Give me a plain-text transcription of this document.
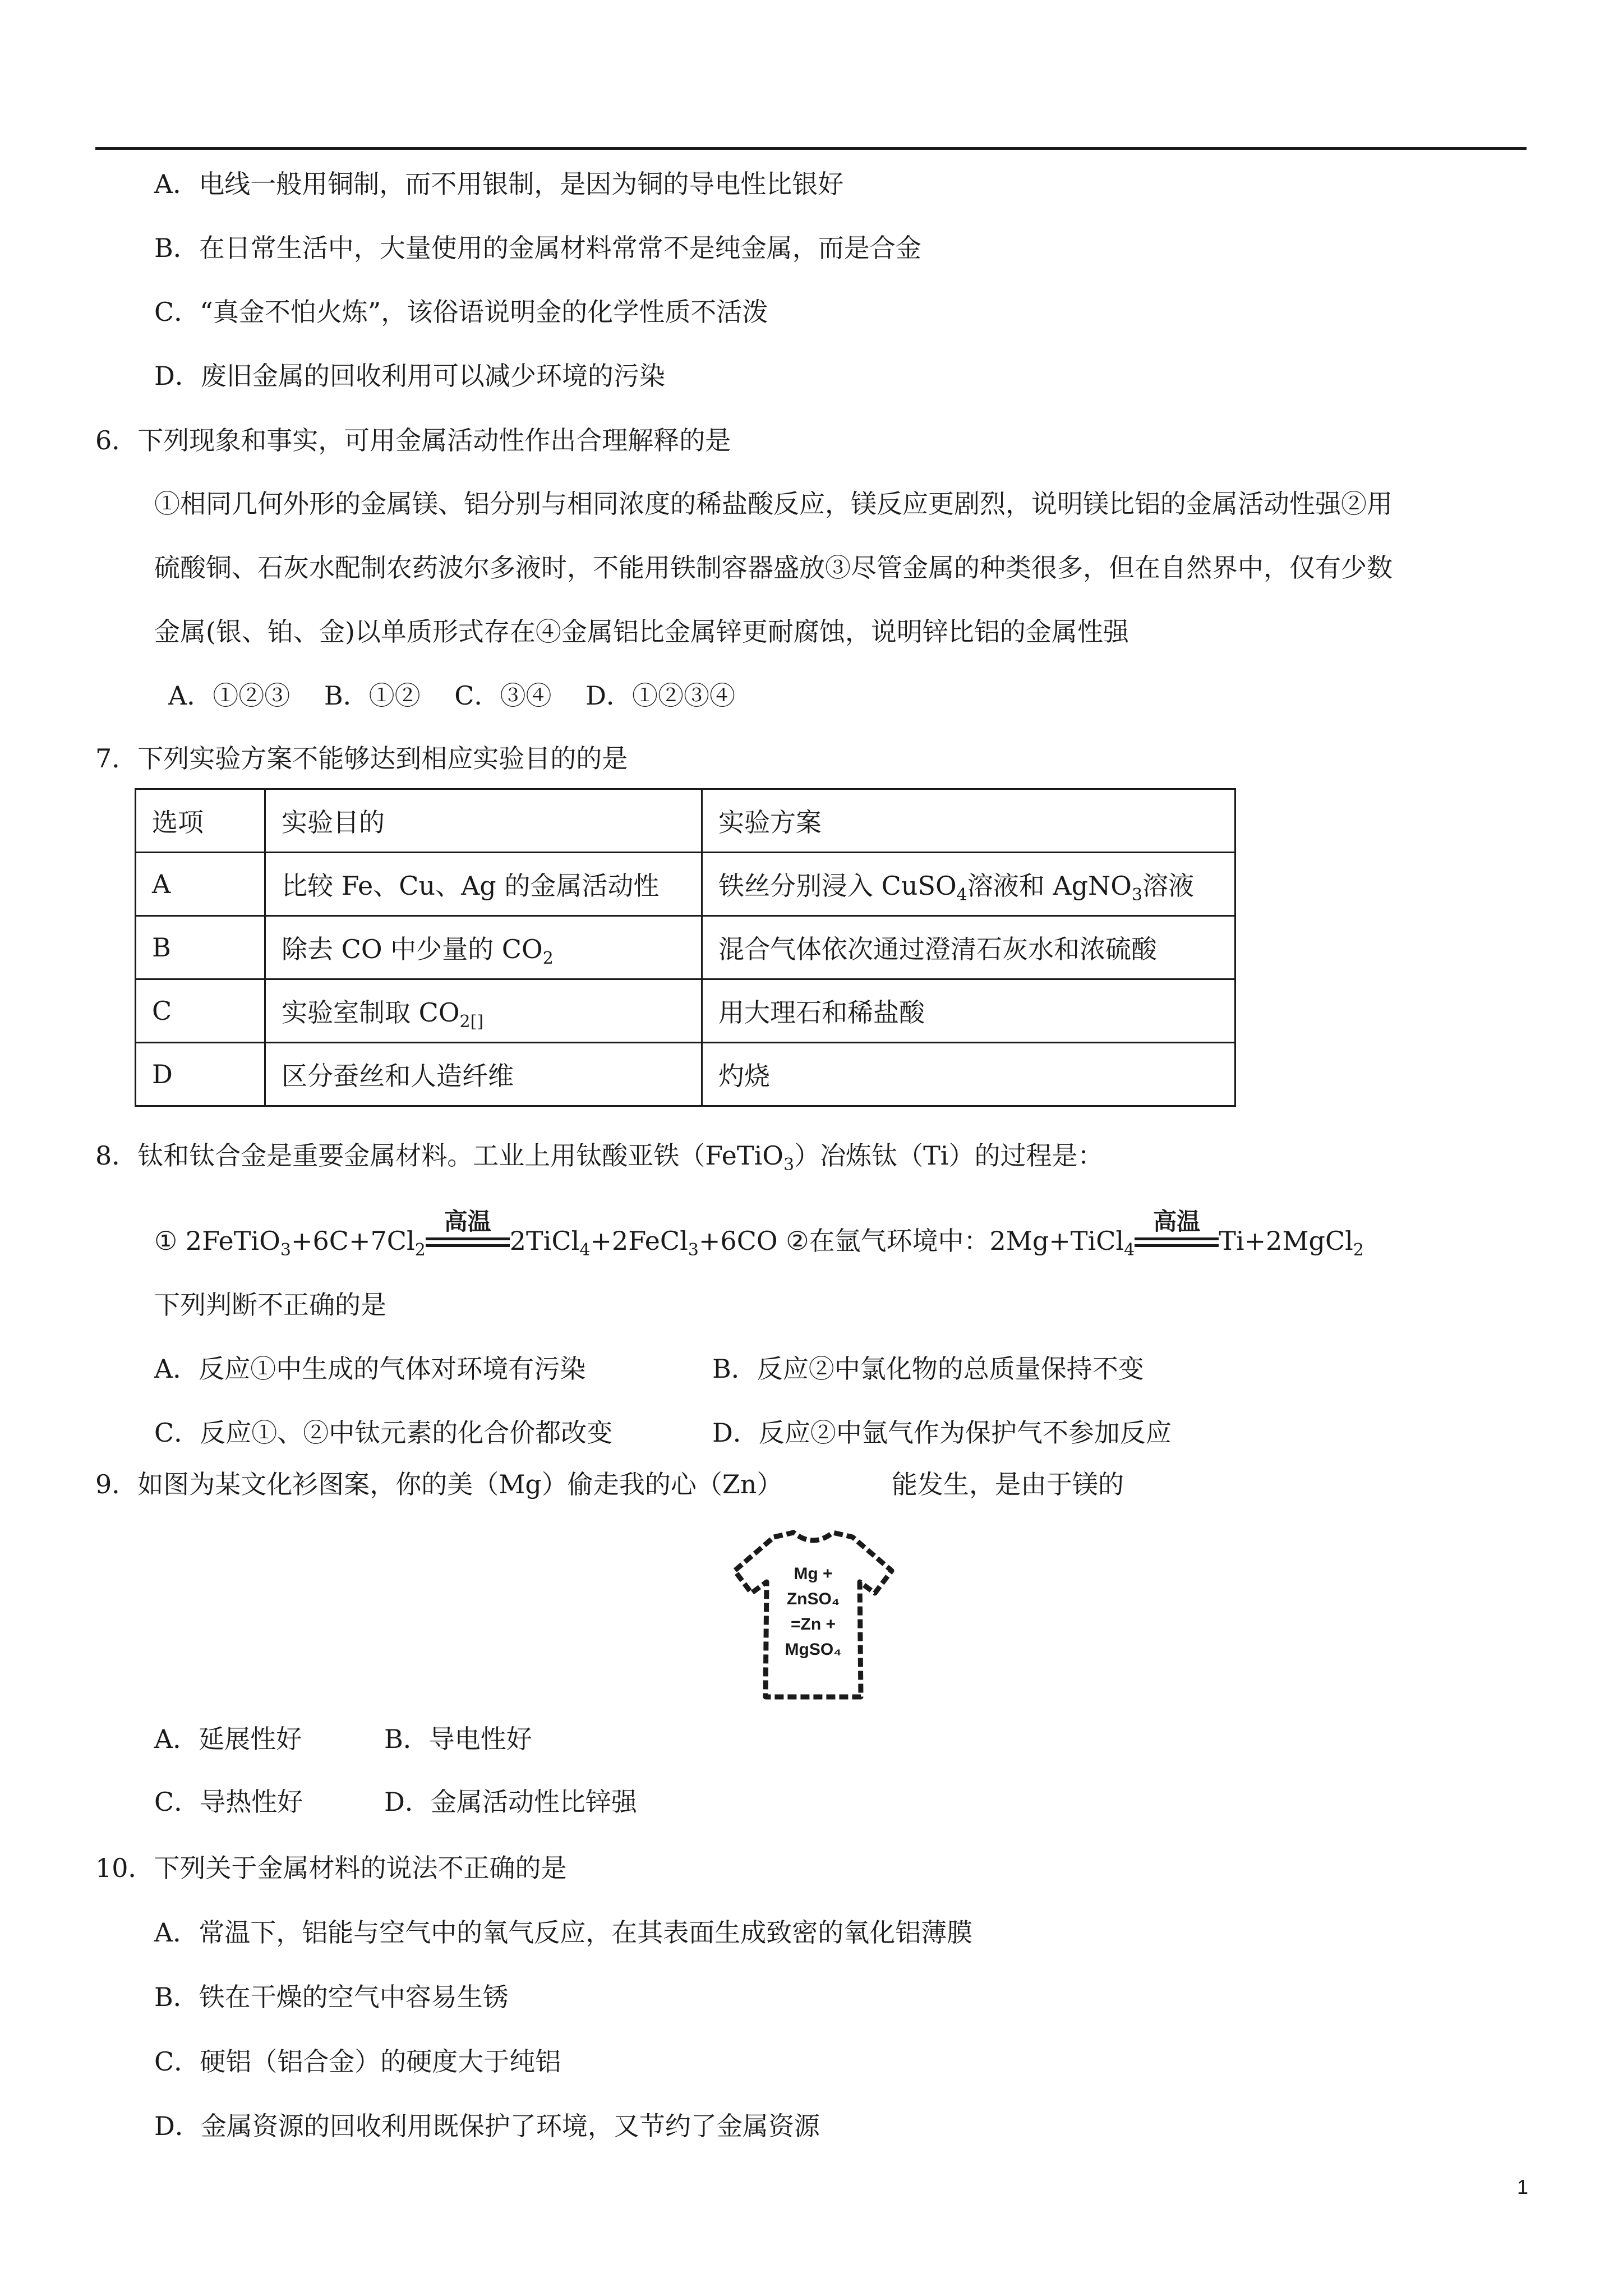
A．电线一般用铜制，而不用银制，是因为铜的导电性比银好
B．在日常生活中，大量使用的金属材料常常不是纯金属，而是合金
C．“真金不怕火炼”，该俗语说明金的化学性质不活泼
D．废旧金属的回收利用可以减少环境的污染
6．下列现象和事实，可用金属活动性作出合理解释的是
①相同几何外形的金属镁、铝分别与相同浓度的稀盐酸反应，镁反应更剧烈，说明镁比铝的金属活动性强②用
硫酸铜、石灰水配制农药波尔多液时，不能用铁制容器盛放③尽管金属的种类很多，但在自然界中，仅有少数
金属(银、铂、金)以单质形式存在④金属铝比金属锌更耐腐蚀，说明锌比铝的金属性强
A．①②③　 B．①②　 C．③④　 D．①②③④
7．下列实验方案不能够达到相应实验目的的是
选项	实验目的	实验方案
A	比较 Fe、Cu、Ag 的金属活动性	铁丝分别浸入 CuSO$_4$溶液和 AgNO$_3$溶液
B	除去 CO 中少量的 $CO_2$	混合气体依次通过澄清石灰水和浓硫酸
C	实验室制取 $CO_{2[]}$	用大理石和稀盐酸
D	区分蚕丝和人造纤维	灼烧
8．钛和钛合金是重要金属材料。工业上用钛酸亚铁（FeTiO$_3$）冶炼钛（Ti）的过程是：
① $2FeTiO_3+6C+7Cl_2$
高温
2TiCl$_4$+2FeCl$_3$+6CO ②在氩气环境中：2Mg+TiCl$_4$
高温
Ti+2MgCl$_2$
下列判断不正确的是
A．反应①中生成的气体对环境有污染	B．反应②中氯化物的总质量保持不变
C．反应①、②中钛元素的化合价都改变	D．反应②中氩气作为保护气不参加反应
9．如图为某文化衫图案，你的美（Mg）偷走我的心（Zn）	能发生，是由于镁的
Mg +
ZnSO₄
=Zn +
MgSO₄
A．延展性好	B．导电性好
C．导热性好	D．金属活动性比锌强
10．下列关于金属材料的说法不正确的是
A．常温下，铝能与空气中的氧气反应，在其表面生成致密的氧化铝薄膜
B．铁在干燥的空气中容易生锈
C．硬铝（铝合金）的硬度大于纯铝
D．金属资源的回收利用既保护了环境，又节约了金属资源
1
